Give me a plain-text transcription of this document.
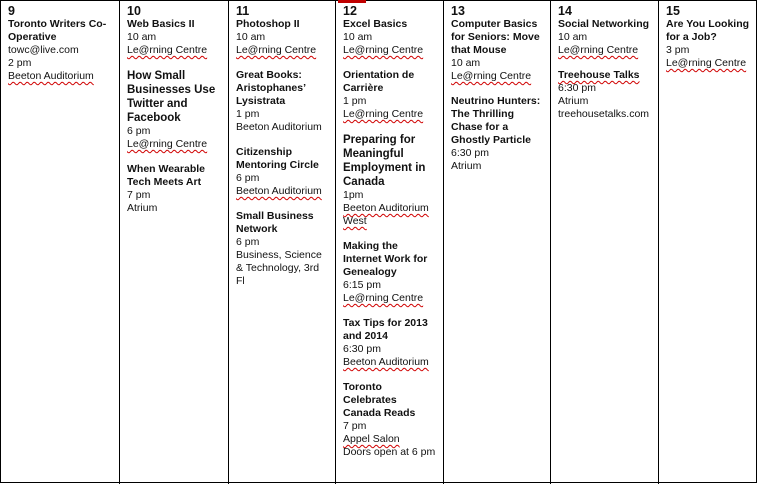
9
Toronto Writers Co-Operative
towc@live.com
2 pm
Beeton Auditorium
10
Web Basics II
10 am
Le@rning Centre
How Small Businesses Use Twitter and Facebook
6 pm
Le@rning Centre
When Wearable Tech Meets Art
7 pm
Atrium
11
Photoshop II
10 am
Le@rning Centre
Great Books: Aristophanes’ Lysistrata
1 pm
Beeton Auditorium
Citizenship Mentoring Circle
6 pm
Beeton Auditorium
Small Business Network
6 pm
Business, Science & Technology, 3rd Fl
12
Excel Basics
10 am
Le@rning Centre
Orientation de Carrière
1 pm
Le@rning Centre
Preparing for Meaningful Employment in Canada
1pm
Beeton Auditorium West
Making the Internet Work for Genealogy
6:15 pm
Le@rning Centre
Tax Tips for 2013 and 2014
6:30 pm
Beeton Auditorium
Toronto Celebrates Canada Reads
7 pm
Appel Salon
Doors open at 6 pm
13
Computer Basics for Seniors: Move that Mouse
10 am
Le@rning Centre
Neutrino Hunters: The Thrilling Chase for a Ghostly Particle
6:30 pm
Atrium
14
Social Networking
10 am
Le@rning Centre
Treehouse Talks
6:30 pm
Atrium
treehousetalks.com
15
Are You Looking for a Job?
3 pm
Le@rning Centre
